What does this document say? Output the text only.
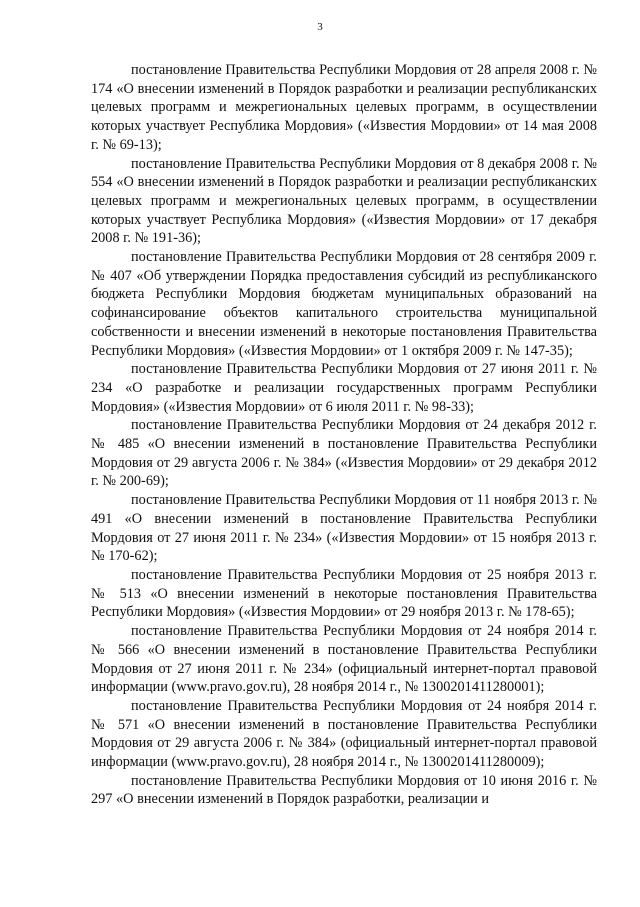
3

постановление Правительства Республики Мордовия от 28 апреля 2008 г. № 174 «О внесении изменений в Порядок разработки и реализации республиканских целевых программ и межрегиональных целевых программ, в осуществлении которых участвует Республика Мордовия» («Известия Мордовии» от 14 мая 2008 г. № 69-13);

постановление Правительства Республики Мордовия от 8 декабря 2008 г. № 554 «О внесении изменений в Порядок разработки и реализации республиканских целевых программ и межрегиональных целевых программ, в осуществлении которых участвует Республика Мордовия» («Известия Мордовии» от 17 декабря 2008 г. № 191-36);

постановление Правительства Республики Мордовия от 28 сентября 2009 г. № 407 «Об утверждении Порядка предоставления субсидий из республиканского бюджета Республики Мордовия бюджетам муниципальных образований на софинансирование объектов капитального строительства муниципальной собственности и внесении изменений в некоторые постановления Правительства Республики Мордовия» («Известия Мордовии» от 1 октября 2009 г. № 147-35);

постановление Правительства Республики Мордовия от 27 июня 2011 г. № 234 «О разработке и реализации государственных программ Республики Мордовия» («Известия Мордовии» от 6 июля 2011 г. № 98-33);

постановление Правительства Республики Мордовия от 24 декабря 2012 г. № 485 «О внесении изменений в постановление Правительства Республики Мордовия от 29 августа 2006 г. № 384» («Известия Мордовии» от 29 декабря 2012 г. № 200-69);

постановление Правительства Республики Мордовия от 11 ноября 2013 г. № 491 «О внесении изменений в постановление Правительства Республики Мордовия от 27 июня 2011 г. № 234» («Известия Мордовии» от 15 ноября 2013 г. № 170-62);

постановление Правительства Республики Мордовия от 25 ноября 2013 г. № 513 «О внесении изменений в некоторые постановления Правительства Республики Мордовия» («Известия Мордовии» от 29 ноября 2013 г. № 178-65);

постановление Правительства Республики Мордовия от 24 ноября 2014 г. № 566 «О внесении изменений в постановление Правительства Республики Мордовия от 27 июня 2011 г. № 234» (официальный интернет-портал правовой информации (www.pravo.gov.ru), 28 ноября 2014 г., № 1300201411280001);

постановление Правительства Республики Мордовия от 24 ноября 2014 г. № 571 «О внесении изменений в постановление Правительства Республики Мордовия от 29 августа 2006 г. № 384» (официальный интернет-портал правовой информации (www.pravo.gov.ru), 28 ноября 2014 г., № 1300201411280009);

постановление Правительства Республики Мордовия от 10 июня 2016 г. № 297 «О внесении изменений в Порядок разработки, реализации и
